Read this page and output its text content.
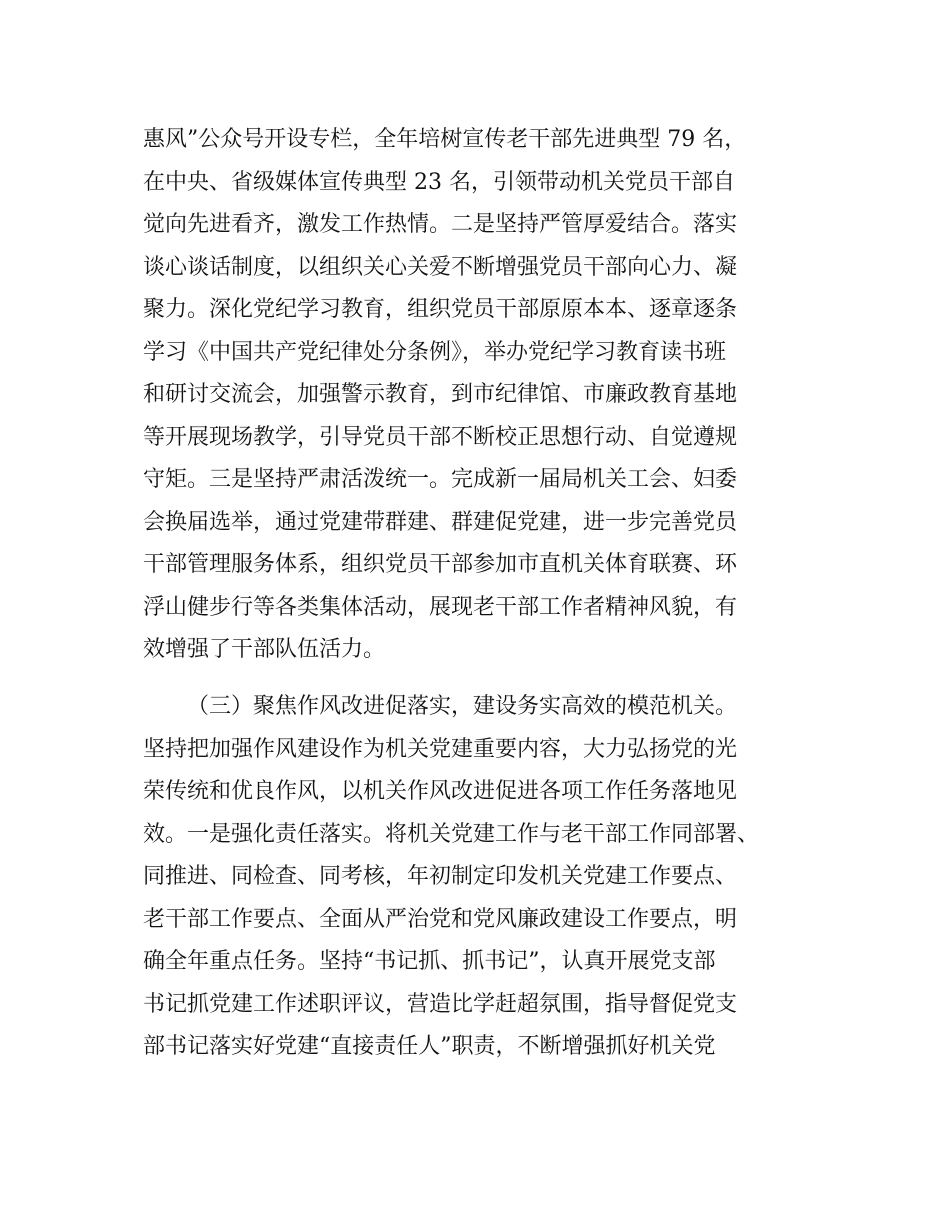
惠风”公众号开设专栏，全年培树宣传老干部先进典型 79 名，
在中央、省级媒体宣传典型 23 名，引领带动机关党员干部自
觉向先进看齐，激发工作热情。二是坚持严管厚爱结合。落实
谈心谈话制度，以组织关心关爱不断增强党员干部向心力、凝
聚力。深化党纪学习教育，组织党员干部原原本本、逐章逐条
学习《中国共产党纪律处分条例》，举办党纪学习教育读书班
和研讨交流会，加强警示教育，到市纪律馆、市廉政教育基地
等开展现场教学，引导党员干部不断校正思想行动、自觉遵规
守矩。三是坚持严肃活泼统一。完成新一届局机关工会、妇委
会换届选举，通过党建带群建、群建促党建，进一步完善党员
干部管理服务体系，组织党员干部参加市直机关体育联赛、环
浮山健步行等各类集体活动，展现老干部工作者精神风貌，有
效增强了干部队伍活力。
（三）聚焦作风改进促落实，建设务实高效的模范机关。
坚持把加强作风建设作为机关党建重要内容，大力弘扬党的光
荣传统和优良作风，以机关作风改进促进各项工作任务落地见
效。一是强化责任落实。将机关党建工作与老干部工作同部署、
同推进、同检查、同考核，年初制定印发机关党建工作要点、
老干部工作要点、全面从严治党和党风廉政建设工作要点，明
确全年重点任务。坚持“书记抓、抓书记”，认真开展党支部
书记抓党建工作述职评议，营造比学赶超氛围，指导督促党支
部书记落实好党建“直接责任人”职责，不断增强抓好机关党
